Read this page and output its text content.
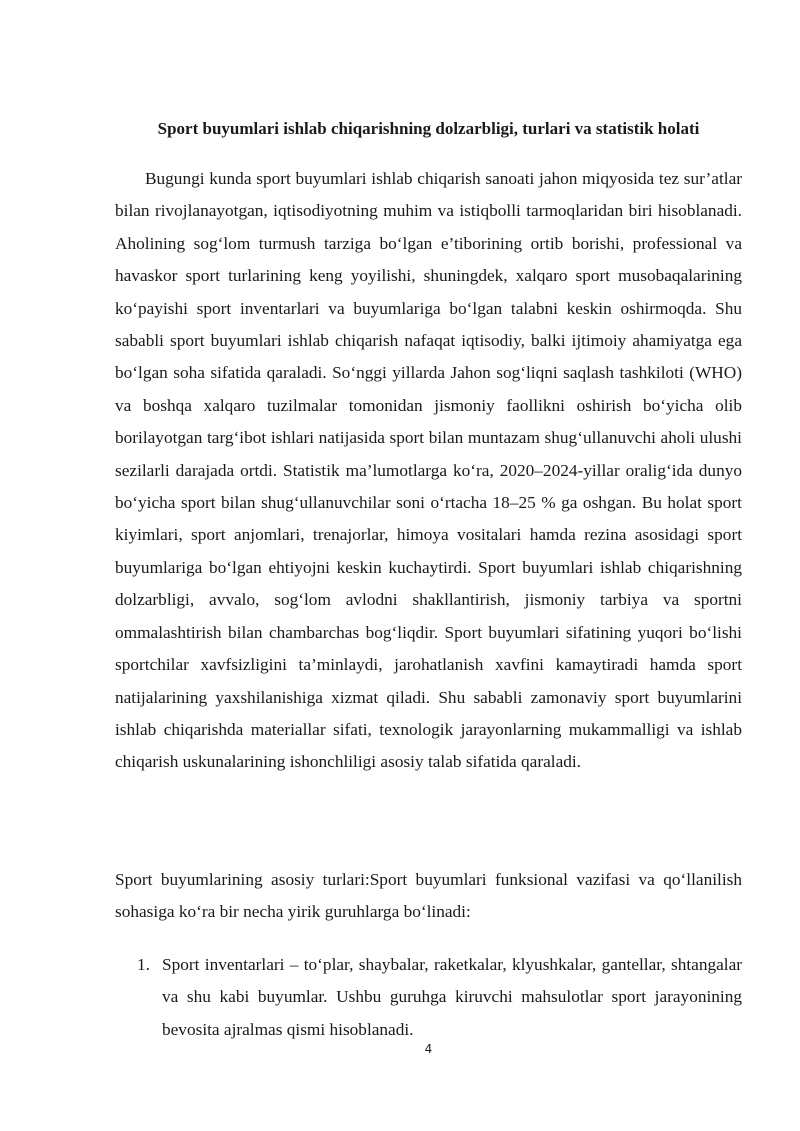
Sport buyumlari ishlab chiqarishning dolzarbligi, turlari va statistik holati

Bugungi kunda sport buyumlari ishlab chiqarish sanoati jahon miqyosida tez sur’atlar bilan rivojlanayotgan, iqtisodiyotning muhim va istiqbolli tarmoqlaridan biri hisoblanadi. Aholining sog‘lom turmush tarziga bo‘lgan e’tiborining ortib borishi, professional va havaskor sport turlarining keng yoyilishi, shuningdek, xalqaro sport musobaqalarining ko‘payishi sport inventarlari va buyumlariga bo‘lgan talabni keskin oshirmoqda. Shu sababli sport buyumlari ishlab chiqarish nafaqat iqtisodiy, balki ijtimoiy ahamiyatga ega bo‘lgan soha sifatida qaraladi. So‘nggi yillarda Jahon sog‘liqni saqlash tashkiloti (WHO) va boshqa xalqaro tuzilmalar tomonidan jismoniy faollikni oshirish bo‘yicha olib borilayotgan targ‘ibot ishlari natijasida sport bilan muntazam shug‘ullanuvchi aholi ulushi sezilarli darajada ortdi. Statistik ma’lumotlarga ko‘ra, 2020–2024-yillar oralig‘ida dunyo bo‘yicha sport bilan shug‘ullanuvchilar soni o‘rtacha 18–25 % ga oshgan. Bu holat sport kiyimlari, sport anjomlari, trenajorlar, himoya vositalari hamda rezina asosidagi sport buyumlariga bo‘lgan ehtiyojni keskin kuchaytirdi. Sport buyumlari ishlab chiqarishning dolzarbligi, avvalo, sog‘lom avlodni shakllantirish, jismoniy tarbiya va sportni ommalashtirish bilan chambarchas bog‘liqdir. Sport buyumlari sifatining yuqori bo‘lishi sportchilar xavfsizligini ta’minlaydi, jarohatlanish xavfini kamaytiradi hamda sport natijalarining yaxshilanishiga xizmat qiladi. Shu sababli zamonaviy sport buyumlarini ishlab chiqarishda materiallar sifati, texnologik jarayonlarning mukammalligi va ishlab chiqarish uskunalarining ishonchliligi asosiy talab sifatida qaraladi.

Sport buyumlarining asosiy turlari:Sport buyumlari funksional vazifasi va qo‘llanilish sohasiga ko‘ra bir necha yirik guruhlarga bo‘linadi:

1. Sport inventarlari – to‘plar, shaybalar, raketkalar, klyushkalar, gantellar, shtangalar va shu kabi buyumlar. Ushbu guruhga kiruvchi mahsulotlar sport jarayonining bevosita ajralmas qismi hisoblanadi.
4
